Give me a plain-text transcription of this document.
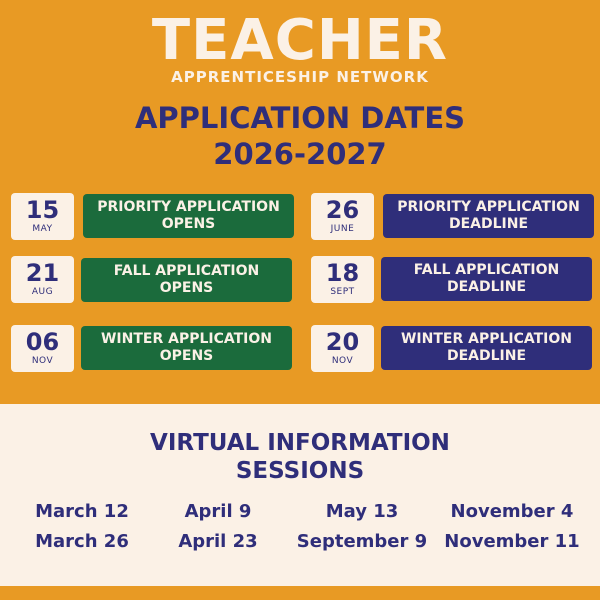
TEACHER
APPRENTICESHIP NETWORK
APPLICATION DATES
2026-2027
15
MAY
PRIORITY APPLICATION OPENS	26
JUNE
PRIORITY APPLICATION DEADLINE
21
AUG
FALL APPLICATION OPENS
18
SEPT
FALL APPLICATION DEADLINE
06
NOV
WINTER APPLICATION OPENS	20
NOV
WINTER APPLICATION DEADLINE
VIRTUAL INFORMATION
SESSIONS
March 12	April 9	May 13	November 4
March 26	April 23	September 9 November 11
